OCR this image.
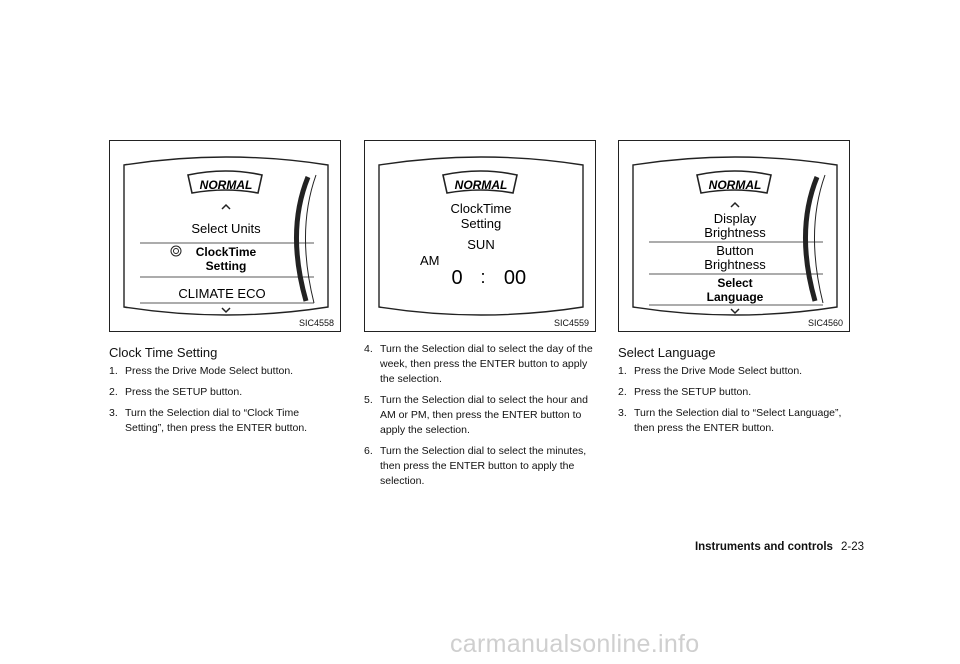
NORMAL
Select Units
ClockTime
Setting
CLIMATE ECO
SIC4558
NORMAL
ClockTime
Setting
SUN
AM
0 : 00
SIC4559
NORMAL
Display
Brightness
Button
Brightness
Select
Language
SIC4560
Clock Time Setting
1. Press the Drive Mode Select button.
2. Press the SETUP button.
3. Turn the Selection dial to “Clock Time Setting”, then press the ENTER button.
4. Turn the Selection dial to select the day of the week, then press the ENTER button to apply the selection.
5. Turn the Selection dial to select the hour and AM or PM, then press the ENTER button to apply the selection.
6. Turn the Selection dial to select the minutes, then press the ENTER button to apply the selection.
Select Language
1. Press the Drive Mode Select button.
2. Press the SETUP button.
3. Turn the Selection dial to “Select Language”, then press the ENTER button.
Instruments and controls 2-23
carmanualsonline.info
